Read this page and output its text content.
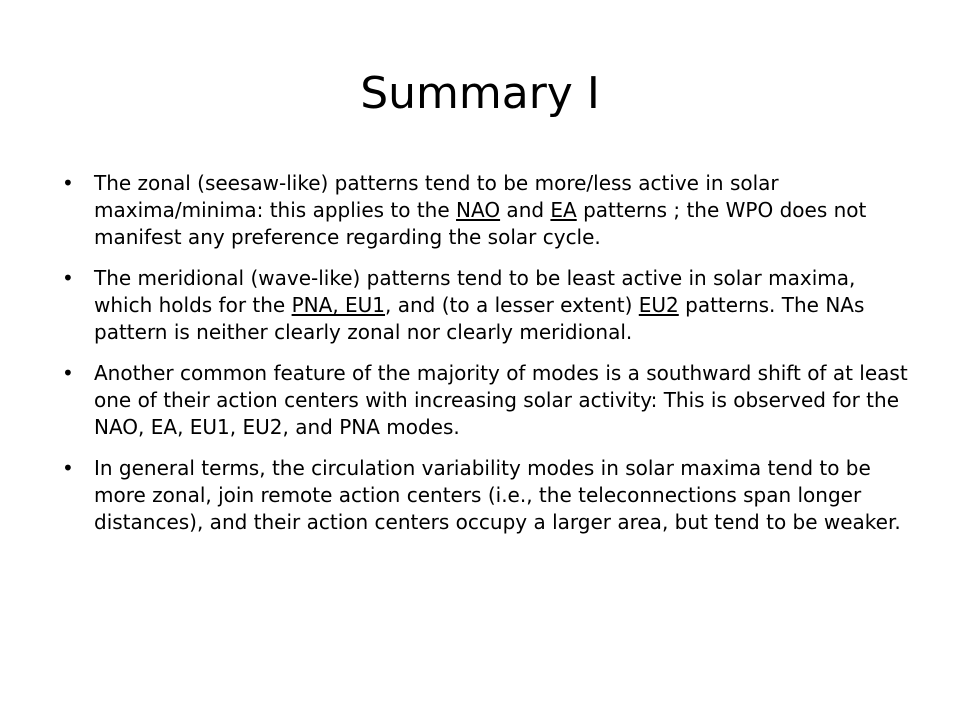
Summary I
• The zonal (seesaw-like) patterns tend to be more/less active in solar maxima/minima: this applies to the NAO and EA patterns ; the WPO does not manifest any preference regarding the solar cycle.
• The meridional (wave-like) patterns tend to be least active in solar maxima, which holds for the PNA, EU1, and (to a lesser extent) EU2 patterns. The NAs pattern is neither clearly zonal nor clearly meridional.
• Another common feature of the majority of modes is a southward shift of at least one of their action centers with increasing solar activity: This is observed for the NAO, EA, EU1, EU2, and PNA modes.
• In general terms, the circulation variability modes in solar maxima tend to be more zonal, join remote action centers (i.e., the teleconnections span longer distances), and their action centers occupy a larger area, but tend to be weaker.
